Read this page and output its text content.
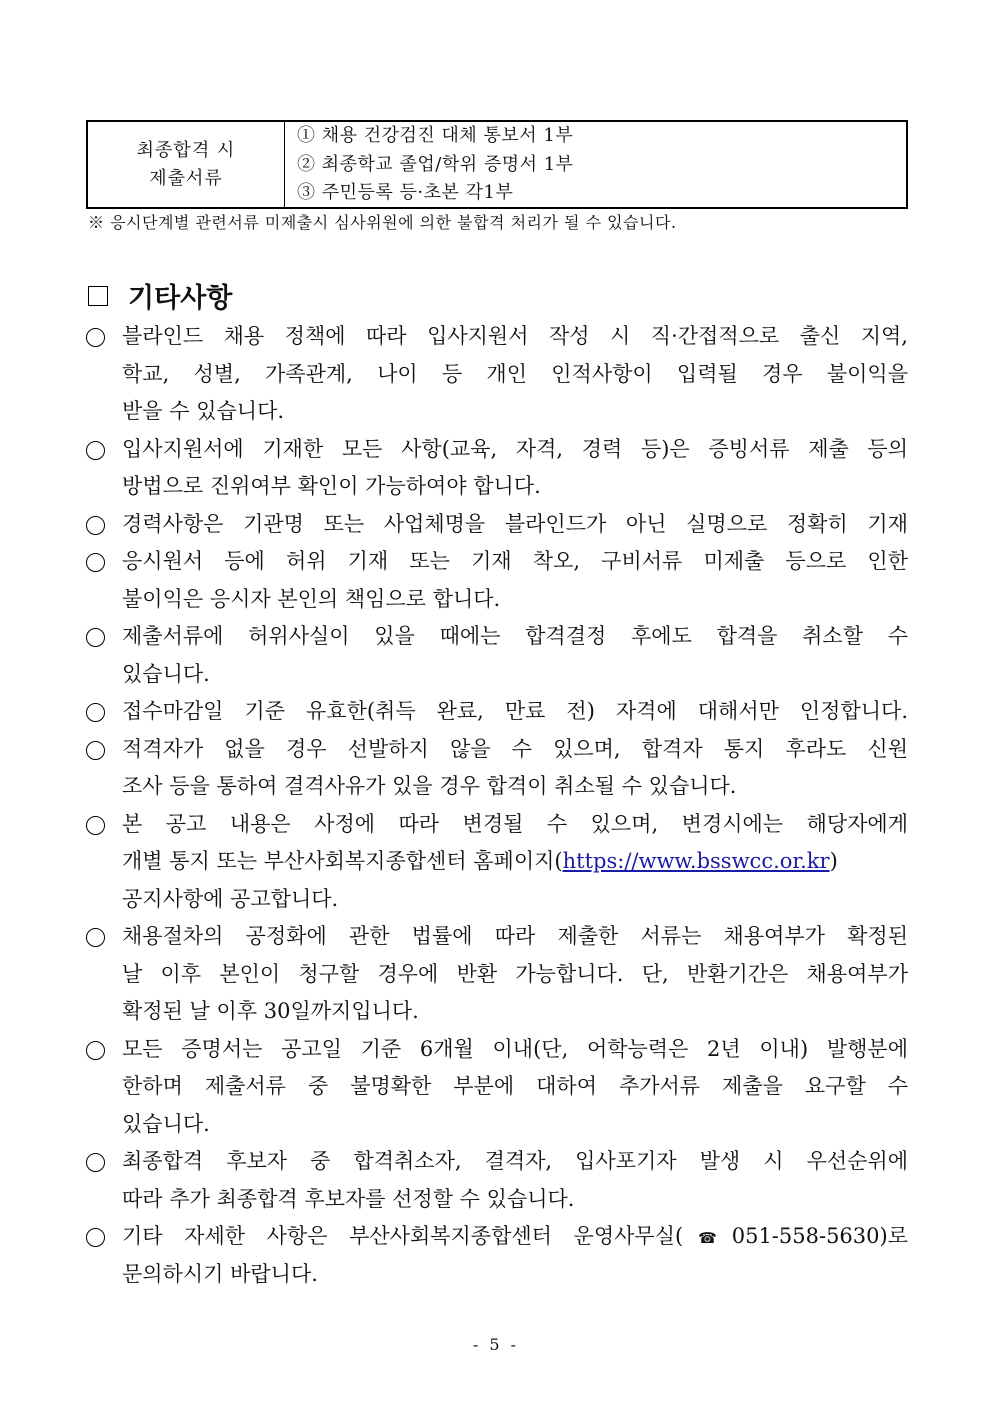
최종합격 시
제출서류
① 채용 건강검진 대체 통보서 1부
② 최종학교 졸업/학위 증명서 1부
③ 주민등록 등·초본 각1부
※ 응시단계별 관련서류 미제출시 심사위원에 의한 불합격 처리가 될 수 있습니다.
기타사항
블라인드 채용 정책에 따라 입사지원서 작성 시 직·간접적으로 출신 지역,
학교, 성별, 가족관계, 나이 등 개인 인적사항이 입력될 경우 불이익을
받을 수 있습니다.
입사지원서에 기재한 모든 사항(교육, 자격, 경력 등)은 증빙서류 제출 등의
방법으로 진위여부 확인이 가능하여야 합니다.
경력사항은 기관명 또는 사업체명을 블라인드가 아닌 실명으로 정확히 기재
응시원서 등에 허위 기재 또는 기재 착오, 구비서류 미제출 등으로 인한
불이익은 응시자 본인의 책임으로 합니다.
제출서류에 허위사실이 있을 때에는 합격결정 후에도 합격을 취소할 수
있습니다.
접수마감일 기준 유효한(취득 완료, 만료 전) 자격에 대해서만 인정합니다.
적격자가 없을 경우 선발하지 않을 수 있으며, 합격자 통지 후라도 신원
조사 등을 통하여 결격사유가 있을 경우 합격이 취소될 수 있습니다.
본 공고 내용은 사정에 따라 변경될 수 있으며, 변경시에는 해당자에게
개별 통지 또는 부산사회복지종합센터 홈페이지(https://www.bsswcc.or.kr)
공지사항에 공고합니다.
채용절차의 공정화에 관한 법률에 따라 제출한 서류는 채용여부가 확정된
날 이후 본인이 청구할 경우에 반환 가능합니다. 단, 반환기간은 채용여부가
확정된 날 이후 30일까지입니다.
모든 증명서는 공고일 기준 6개월 이내(단, 어학능력은 2년 이내) 발행분에
한하며 제출서류 중 불명확한 부분에 대하여 추가서류 제출을 요구할 수
있습니다.
최종합격 후보자 중 합격취소자, 결격자, 입사포기자 발생 시 우선순위에
따라 추가 최종합격 후보자를 선정할 수 있습니다.
기타 자세한 사항은 부산사회복지종합센터 운영사무실(☎051-558-5630)로
문의하시기 바랍니다.
- 5 -
